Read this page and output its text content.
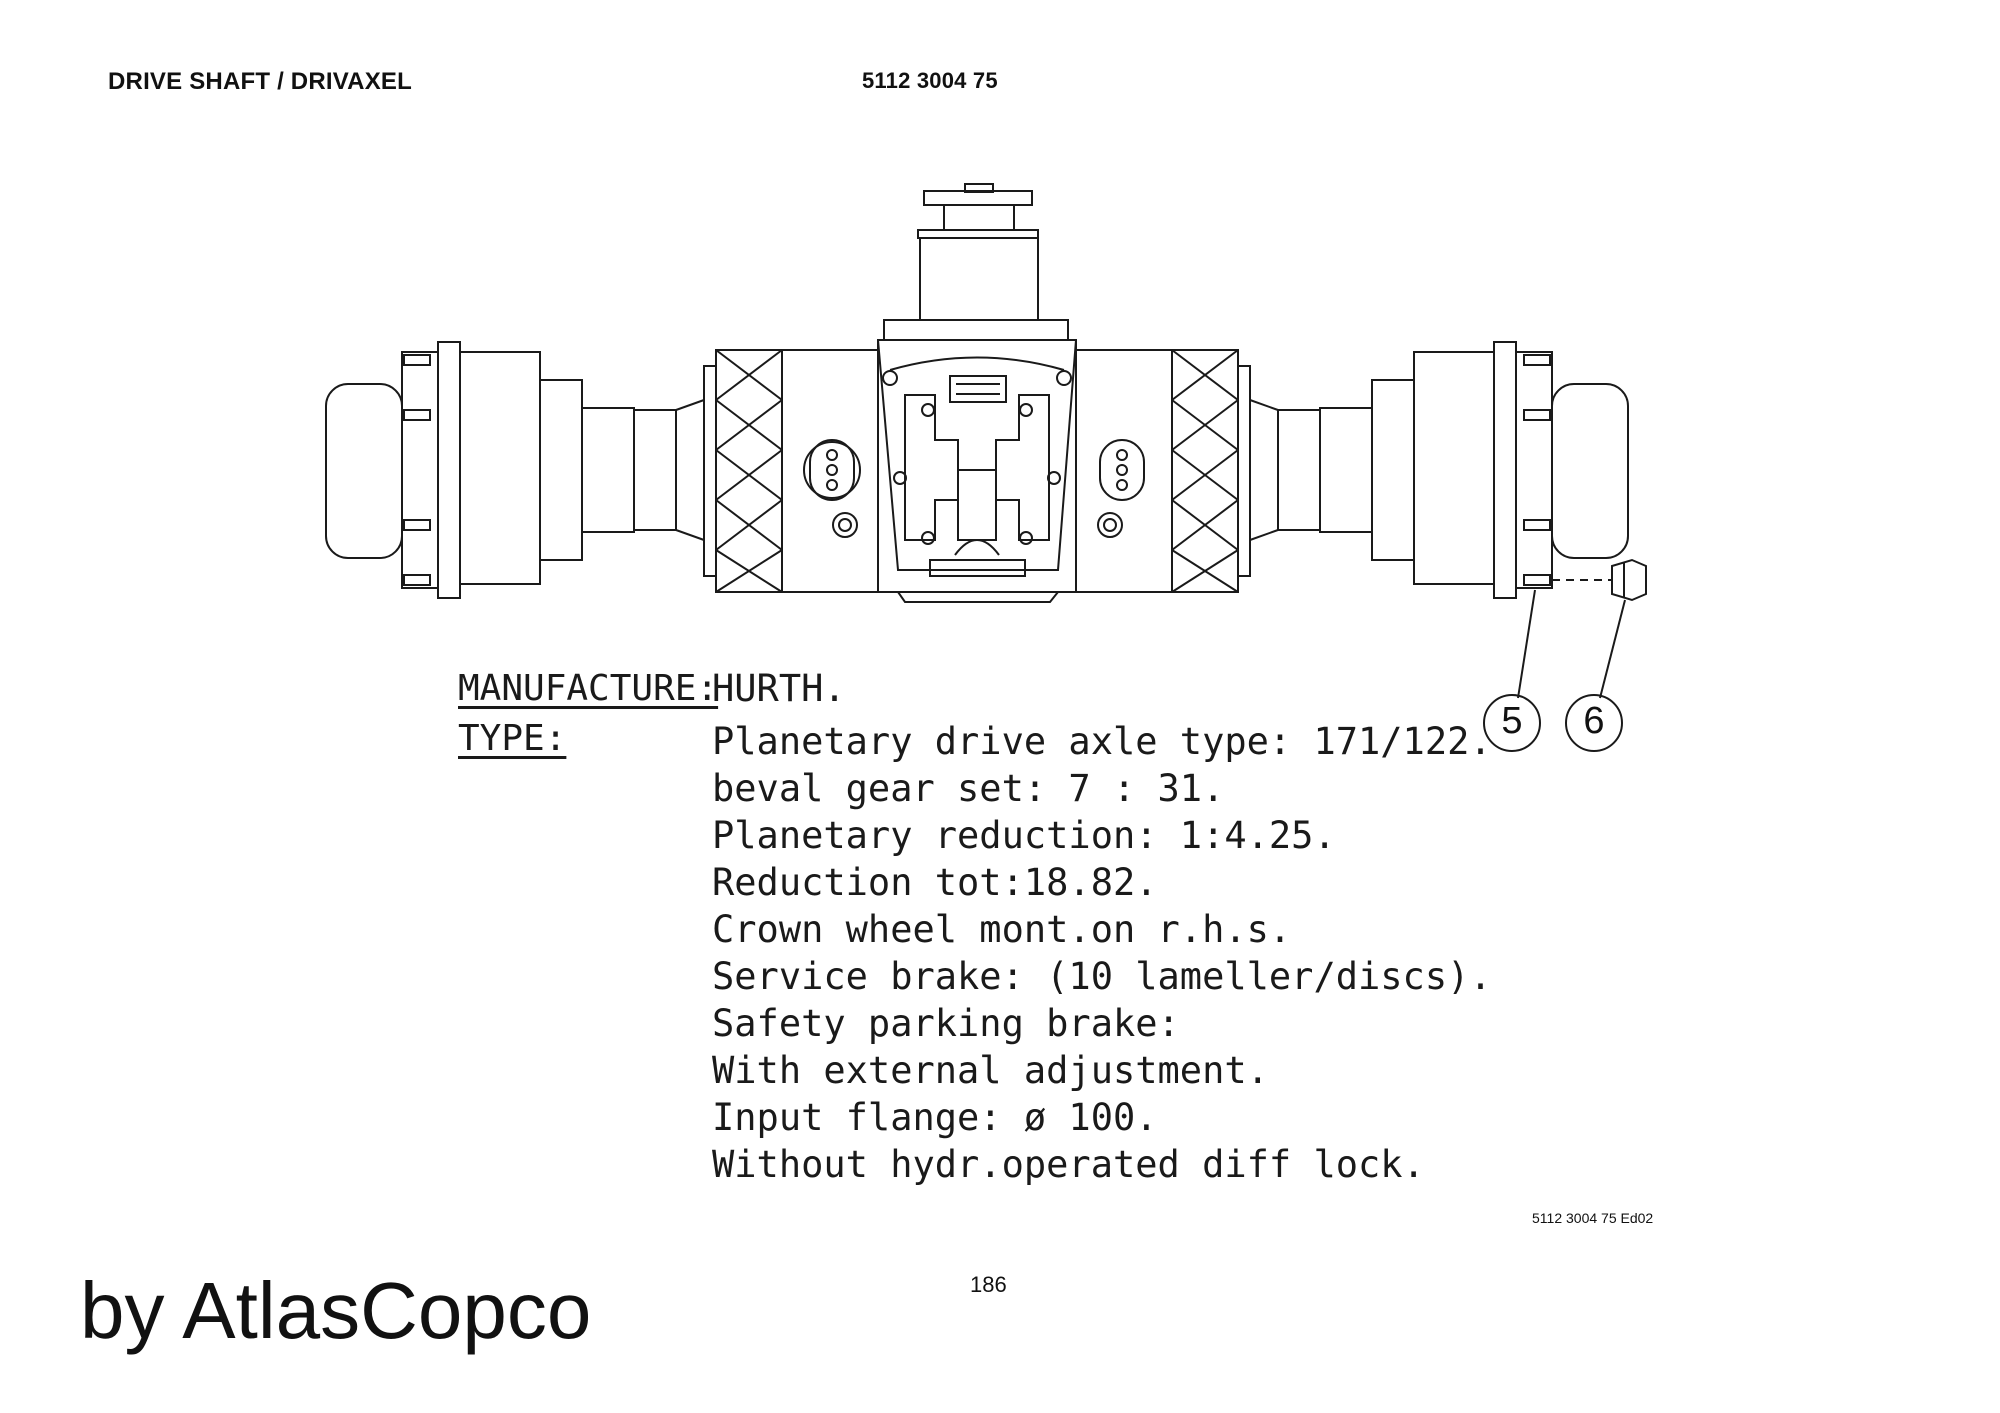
DRIVE SHAFT / DRIVAXEL	5112 3004 75
5 6
MANUFACTURE:
HURTH.
TYPE:	Planetary drive axle type: 171/122.
beval gear set: 7 : 31.
Planetary reduction: 1:4.25.
Reduction tot:18.82.
Crown wheel mont.on r.h.s.
Service brake: (10 lameller/discs).
Safety parking brake:
With external adjustment.
Input flange: ø 100.
Without hydr.operated diff lock.
5112 3004 75 Ed02
186
by AtlasCopco
